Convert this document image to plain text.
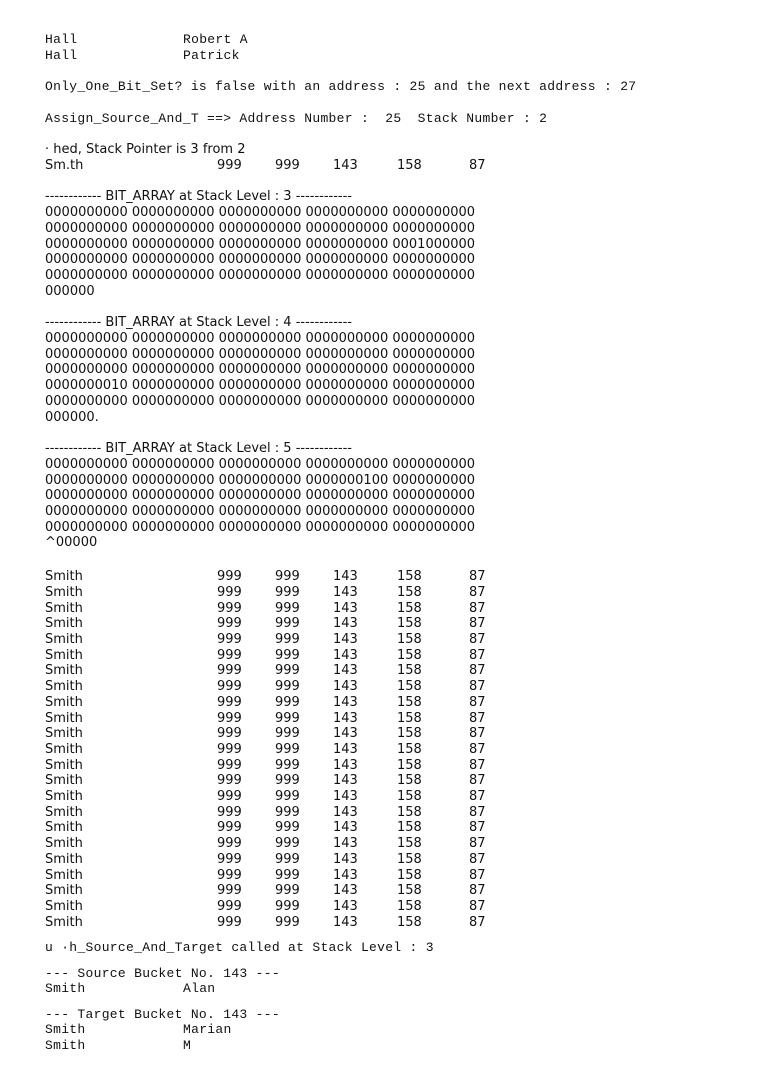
Hall	Robert A
Hall	Patrick
Only_One_Bit_Set? is false with an address : 25 and the next address : 27
Assign_Source_And_T ==> Address Number :  25  Stack Number : 2
· hed, Stack Pointer is 3 from 2
Sm.th	999	999	143	158	87
------------ BIT_ARRAY at Stack Level : 3 ------------
0000000000 0000000000 0000000000 0000000000 0000000000
0000000000 0000000000 0000000000 0000000000 0000000000
0000000000 0000000000 0000000000 0000000000 0001000000
0000000000 0000000000 0000000000 0000000000 0000000000
0000000000 0000000000 0000000000 0000000000 0000000000
000000
------------ BIT_ARRAY at Stack Level : 4 ------------
0000000000 0000000000 0000000000 0000000000 0000000000
0000000000 0000000000 0000000000 0000000000 0000000000
0000000000 0000000000 0000000000 0000000000 0000000000
0000000010 0000000000 0000000000 0000000000 0000000000
0000000000 0000000000 0000000000 0000000000 0000000000
000000.
------------ BIT_ARRAY at Stack Level : 5 ------------
0000000000 0000000000 0000000000 0000000000 0000000000
0000000000 0000000000 0000000000 0000000100 0000000000
0000000000 0000000000 0000000000 0000000000 0000000000
0000000000 0000000000 0000000000 0000000000 0000000000
0000000000 0000000000 0000000000 0000000000 0000000000
^00000
Smith	999	999	143	158	87
Smith	999	999	143	158	87
Smith	999	999	143	158	87
Smith	999	999	143	158	87
Smith	999	999	143	158	87
Smith	999	999	143	158	87
Smith	999	999	143	158	87
Smith	999	999	143	158	87
Smith	999	999	143	158	87
Smith	999	999	143	158	87
Smith	999	999	143	158	87
Smith	999	999	143	158	87
Smith	999	999	143	158	87
Smith	999	999	143	158	87
Smith	999	999	143	158	87
Smith	999	999	143	158	87
Smith	999	999	143	158	87
Smith	999	999	143	158	87
Smith	999	999	143	158	87
Smith	999	999	143	158	87
Smith	999	999	143	158	87
Smith	999	999	143	158	87
Smith	999	999	143	158	87
u ·h_Source_And_Target called at Stack Level : 3
--- Source Bucket No. 143 ---
Smith	Alan
--- Target Bucket No. 143 ---
Smith	Marian
Smith	M
